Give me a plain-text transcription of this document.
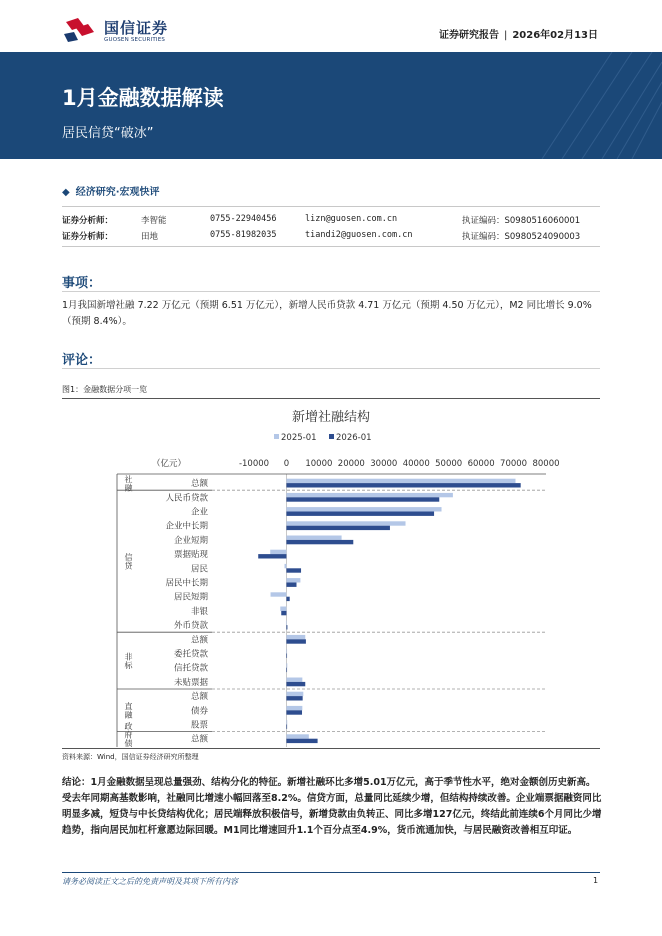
国信证券
GUOSEN SECURITIES	证券研究报告 | 2026年02月13日
1月金融数据解读
居民信贷“破冰”
◆ 经济研究·宏观快评
证券分析师：	李智能	0755-22940456	lizn@guosen.com.cn	执证编码：S0980516060001
证券分析师：	田地	0755-81982035	tiandi2@guosen.com.cn	执证编码：S0980524090003
事项：
1月我国新增社融 7.22 万亿元（预期 6.51 万亿元），新增人民币贷款 4.71 万亿元（预期 4.50 万亿元），M2 同比增长 9.0%（预期 8.4%）。
评论：
图1：金融数据分项一览
新增社融结构
2025-01 2026-01
（亿元）	-10000 0 10000 20000 30000 40000 50000 60000 70000 80000
社融
信贷
非标
直融
政府债
总额
人民币贷款
企业
企业中长期
企业短期
票据贴现
居民
居民中长期
居民短期
非银
外币贷款
总额
委托贷款
信托贷款
未贴票据
总额
债券
股票
总额
资料来源：Wind，国信证券经济研究所整理
结论：1月金融数据呈现总量强劲、结构分化的特征。新增社融环比多增5.01万亿元，高于季节性水平，绝对金额创历史新高。受去年同期高基数影响，社融同比增速小幅回落至8.2%。信贷方面，总量同比延续少增，但结构持续改善。企业端票据融资同比明显多减，短贷与中长贷结构优化；居民端释放积极信号，新增贷款由负转正、同比多增127亿元，终结此前连续6个月同比少增趋势，指向居民加杠杆意愿边际回暖。M1同比增速回升1.1个百分点至4.9%，货币流通加快，与居民融资改善相互印证。
请务必阅读正文之后的免责声明及其项下所有内容	1
